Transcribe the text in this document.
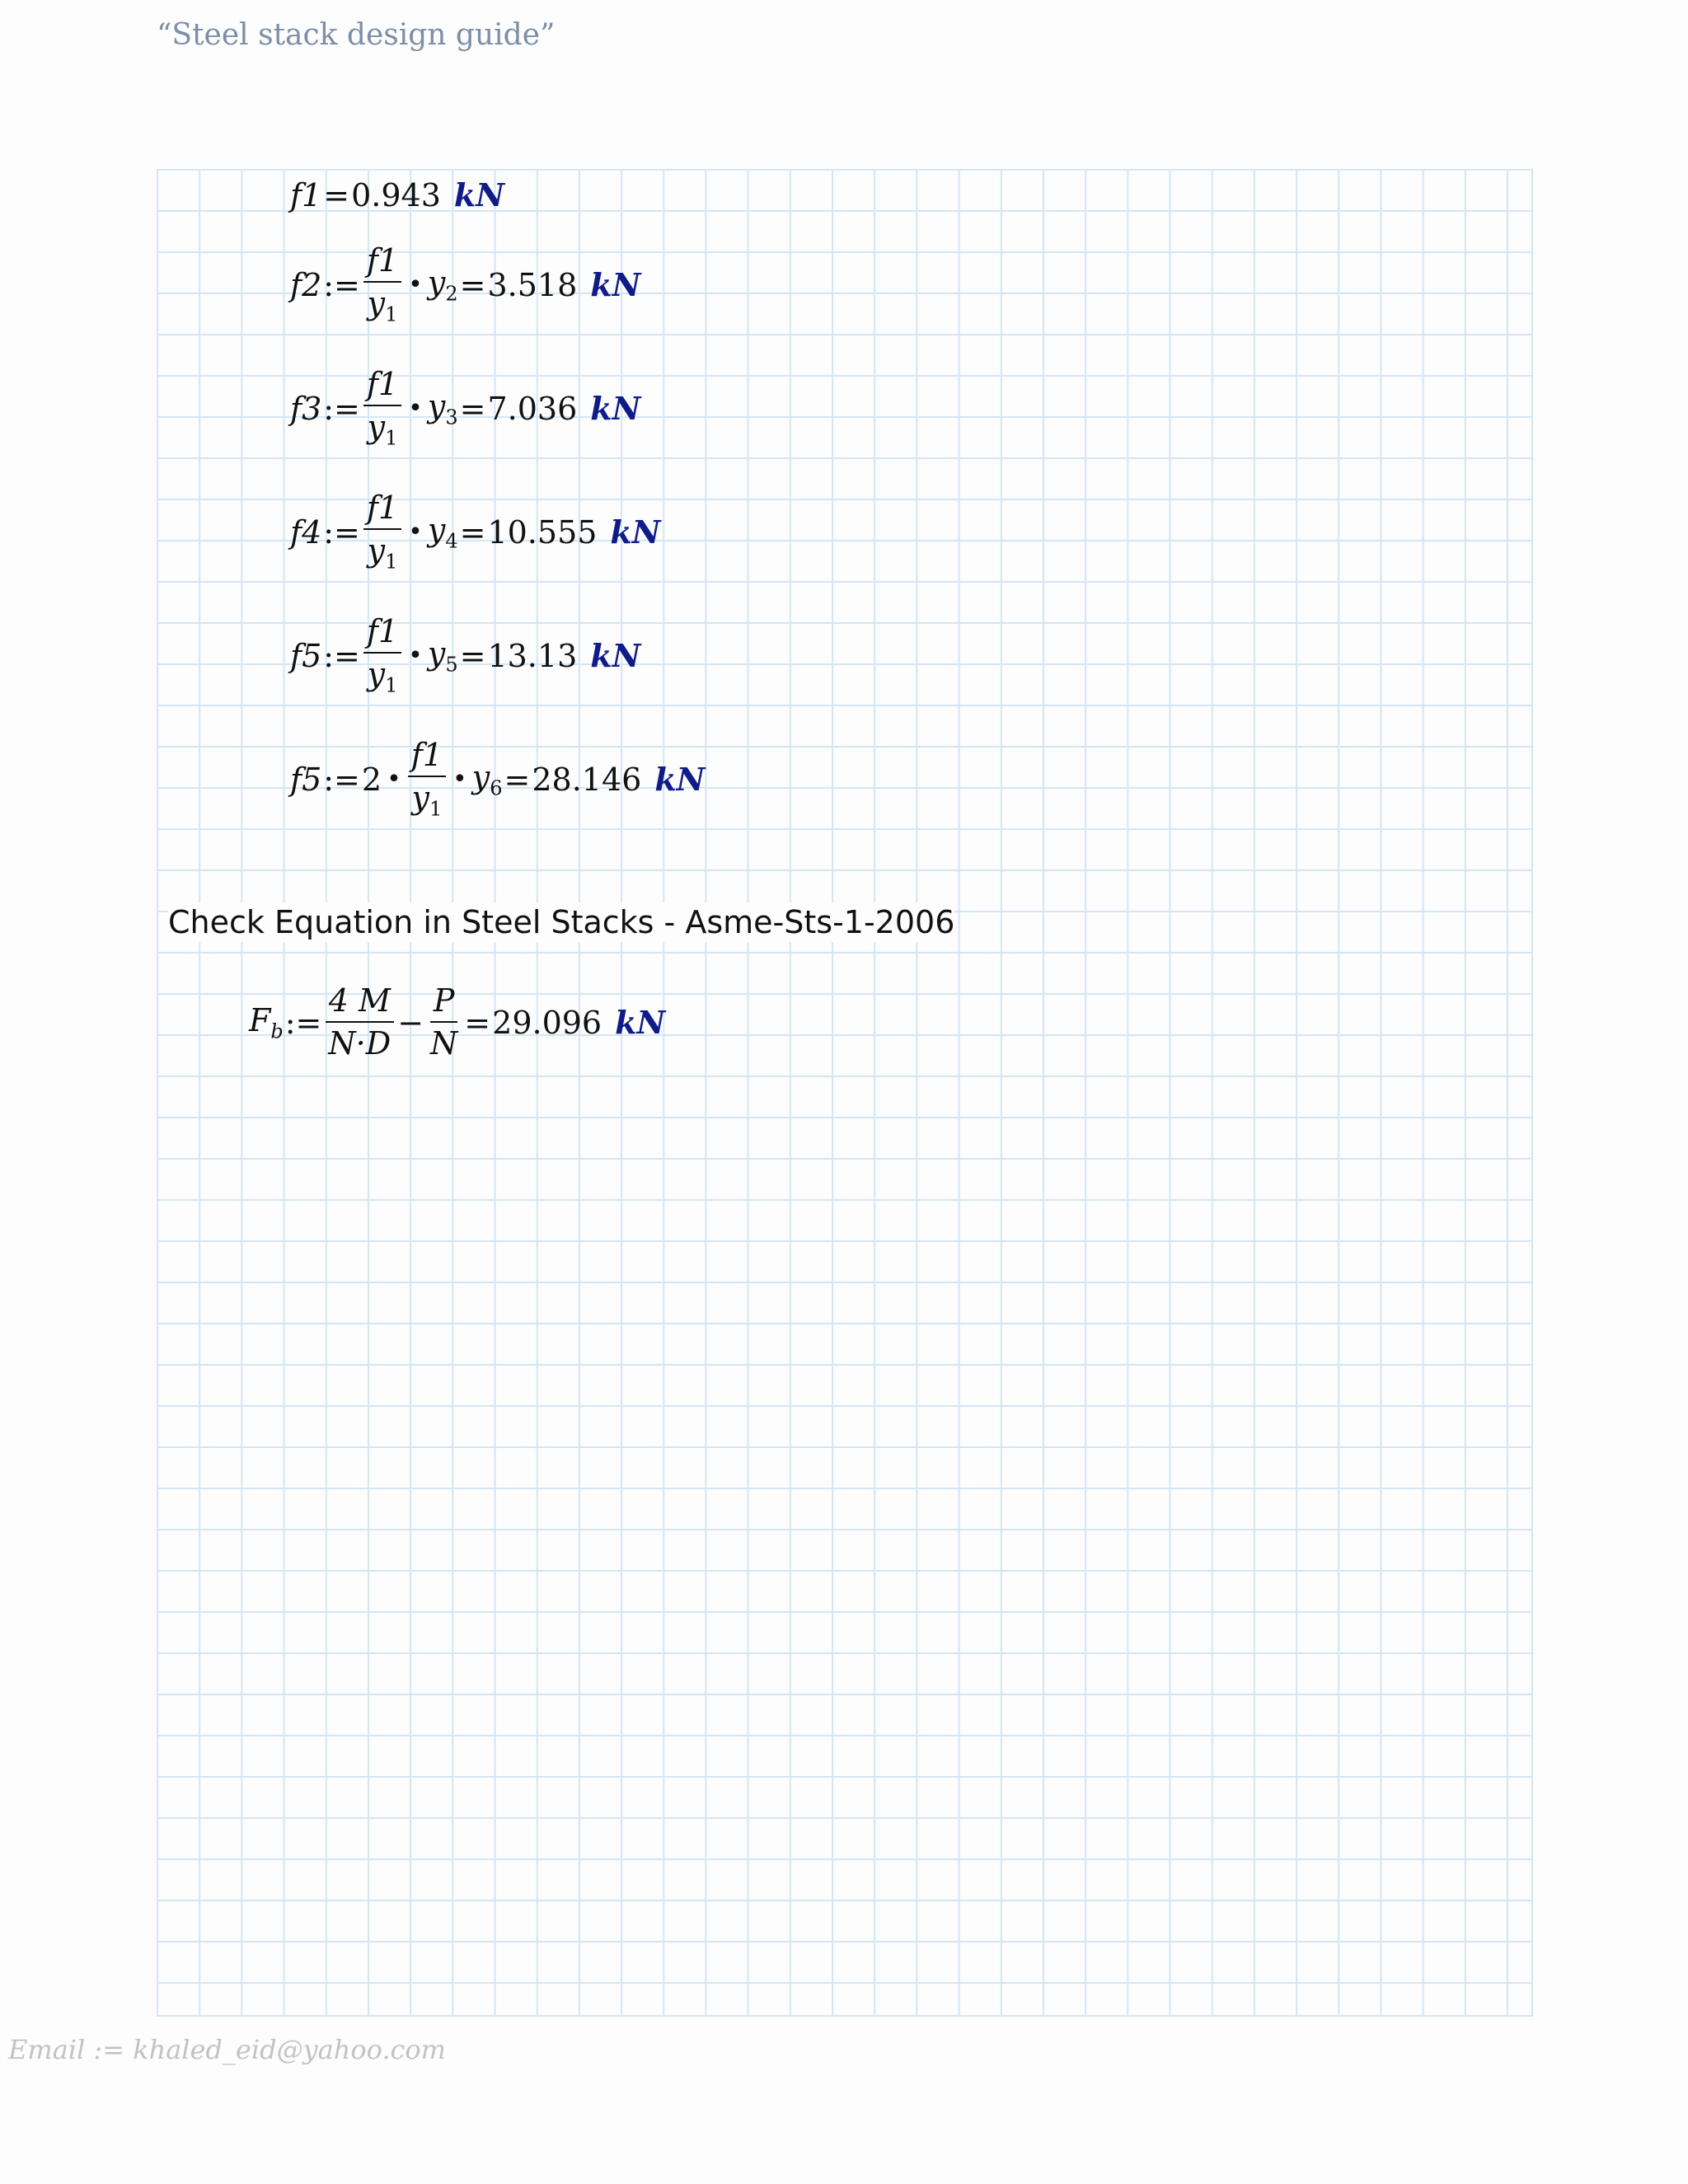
“Steel stack design guide”
f1 = 0.943 kN
f2 := $\frac{f1}{y_1}$ • $y_2 = 3.518$ kN
f3 := $\frac{f1}{y_1}$ • $y_3 = 7.036$ kN
f4 := $\frac{f1}{y_1}$ • $y_4 = 10.555$ kN
f5 := $\frac{f1}{y_1}$ • $y_5 = 13.13$ kN
f5 := 2 • $\frac{f1}{y_1}$ • $y_6 = 28.146$ kN
Check Equation in Steel Stacks - Asme-Sts-1-2006
$F_b$ := $\frac{4 M}{N\cdot D} - \frac{P}{N} = 29.096$ kN
Email := khaled_eid@yahoo.com
